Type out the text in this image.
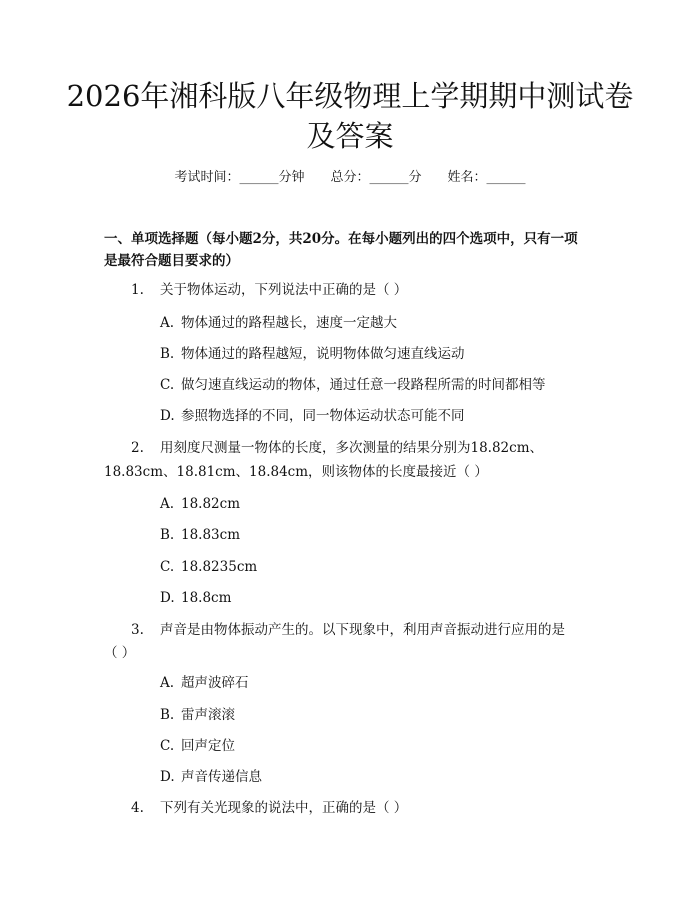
2026年湘科版八年级物理上学期期中测试卷
及答案
考试时间：______分钟 总分：______分 姓名：______
一、单项选择题（每小题2分，共20分。在每小题列出的四个选项中，只有一项
是最符合题目要求的）
1. 关于物体运动，下列说法中正确的是（ ）
A. 物体通过的路程越长，速度一定越大
B. 物体通过的路程越短，说明物体做匀速直线运动
C. 做匀速直线运动的物体，通过任意一段路程所需的时间都相等
D. 参照物选择的不同，同一物体运动状态可能不同
2. 用刻度尺测量一物体的长度，多次测量的结果分别为18.82cm、
18.83cm、18.81cm、18.84cm，则该物体的长度最接近（ ）
A. 18.82cm
B. 18.83cm
C. 18.8235cm
D. 18.8cm
3. 声音是由物体振动产生的。以下现象中，利用声音振动进行应用的是
（ ）
A. 超声波碎石
B. 雷声滚滚
C. 回声定位
D. 声音传递信息
4. 下列有关光现象的说法中，正确的是（ ）
